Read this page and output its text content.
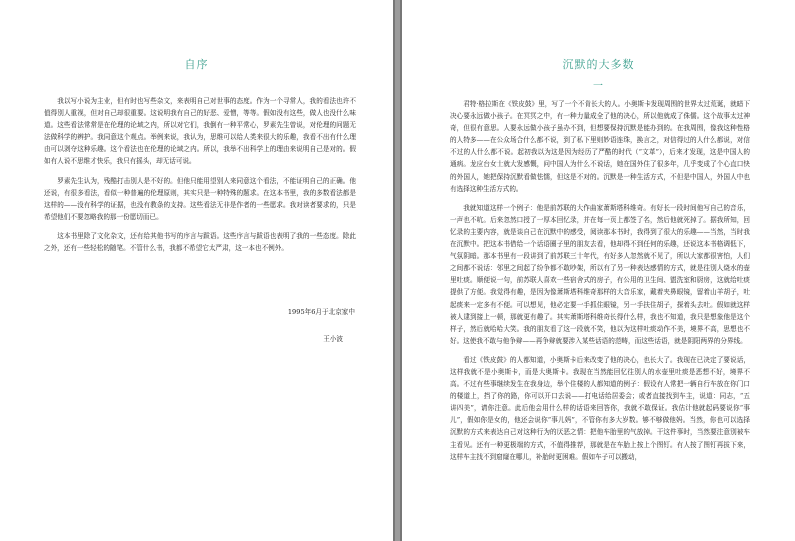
自序

我以写小说为主业，但有时也写些杂文，来表明自己对世事的态度。作为一个寻常人，我的看法也许不值得别人重视，但对自己却很重要。这说明我有自己的好恶、爱憎，等等。假如没有这些，做人也没什么味道。这些看法常常是在伦理的论域之内，所以对它们，我倒有一种平常心，罗素先生曾说，对伦理的问题无法做科学的辨护。我同意这个观点。举例来说，我认为，思维可以给人类来很大的乐趣，我看不出有什么理由可以剥夺这种乐趣。这个看法也在伦理的论域之内。所以，我举不出科学上的理由来说明自己是对的。假如有人说不思维才快乐，我只有摇头，却无话可说。

罗素先生认为，残酷打击别人是不好的。但他只能用望别人来同意这个看法，不能证明自己的正确。他还说，有很多看法，看似一种普遍的伦理原则，其实只是一种特殊的题求。在这本书里，我的多数看法都是这样的——没有科学的证据，也没有教条的支持。这些看法无非是作者的一些愿求。我对读者要求的，只是希望他们不要忽略我的那一份愿切而已。

这本书里除了文化杂文，还有给其他书写的序言与跋语。这些序言与跋语也表明了我的一些态度。除此之外，还有一些轻松的随笔。不管什么书，我都不希望它太严肃，这一本也不例外。

1995年6月于北京家中
王小波
沉默的大多数
一

君特·格拉斯在《铁皮鼓》里，写了一个不肯长大的人。小奥斯卡发现周围的世界太过荒诞，就暗下决心要永远做小孩子。在冥冥之中，有一种力量成全了他的决心，所以他就成了侏儒。这个故事太过神奇，但很有意思。人要永远做小孩子虽办不到，但想要保持沉默是能办到的。在我周围，像我这种性格的人特多——在公众场合什么都不说，到了私下里则妙语连珠，换言之，对信得过的人什么都说，对信不过的人什么都不说。起初我以为这是因为经历了严酷的时代（“文革”），后来才发现，这是中国人的通病。龙应台女士就大发感慨，问中国人为什么不说话，她在国外住了很多年，几乎变成了个心直口快的外国人，她把保持沉默看做怯懦，但这是不对的。沉默是一种生活方式，不但是中国人，外国人中也有选择这种生活方式的。

我就知道这样一个例子：他是前苏联的大作曲家萧斯塔科维奇。有好长一段时间他写自己的音乐，一声也不吭。后来忽然口授了一厚本回忆录，并在每一页上都签了名，然后他就死掉了。据我所知，回忆录的主要内容，就是谈自己在沉默中的感受，阅读那本书时，我得到了很大的乐趣——当然，当时我在沉默中。把这本书借给一个话语圈子里的朋友去看，他却得不到任何的乐趣，还说这本书格调低下，气氛阴暗。那本书里有一段讲到了前苏联三十年代，有好多人忽然就不见了，所以大家都很害怕，人们之间都不说话：邻里之间起了纷争都不敢吵架，所以有了另一种表达感情的方式，就是往别人烧水的壶里吐痰。顺便说一句，前苏联人喜欢一些宿舍式的房子，有公用的卫生间、盥洗室和厨房，这就给吐痰提供了方便。我觉得有趣，是因为像萧斯塔科维奇那样的大音乐家，戴着夹鼻眼镜，留着山羊胡子，吐起痰来一定多有不便。可以想见，他必定要一手抓住眼镜，另一手扶住胡子，探着头去吐。假如就这样被人逮到接上一顿，那就更有趣了。其实萧斯塔科维奇长得什么样，我也不知道，我只是想象他是这个样子，然后就哈哈大笑。我的朋友看了这一段就不笑，他以为这样吐痰动作不美，境界不高，思想也不好。这使我不敢与他争辩——再争辩就要涉入某些话语的范畴，而这些话语，就是阴阳两界的分界线。

看过《铁皮鼓》的人都知道，小奥斯卡后来改变了他的决心，也长大了。我现在已决定了要说话，这样我就不是小奥斯卡，而是大奥斯卡。我现在当然能回忆往别人的水壶里吐痰是恶想不好，境界不高。不过有些事继续发生在我身边，举个住楼的人都知道的例子：假设有人常把一辆自行车放在你门口的楼道上，挡了你的路，你可以开口去说——打电话给居委会；或者直接找到车主，说道：同志，“五讲四美”，请你注意。此后他会用什么样的话语来回答你，我就不敢保证。我估计他就起码要说你“事儿”，假如你是女的，他还会说你“事儿妈”，不管你有多大岁数。够不够做他妈。当然，你也可以选择沉默的方式来表达自己对这种行为的厌恶之情：把他车胎里的气放掉。干这件事时，当然要注意别被车主看见。还有一种更极端的方式，不值得推荐，那就是在车胎上按上个图钉。有人按了图钉再拔下来，这样车主找不到窟窿在哪儿，补胎时更困难。假如车子可以搬动，
